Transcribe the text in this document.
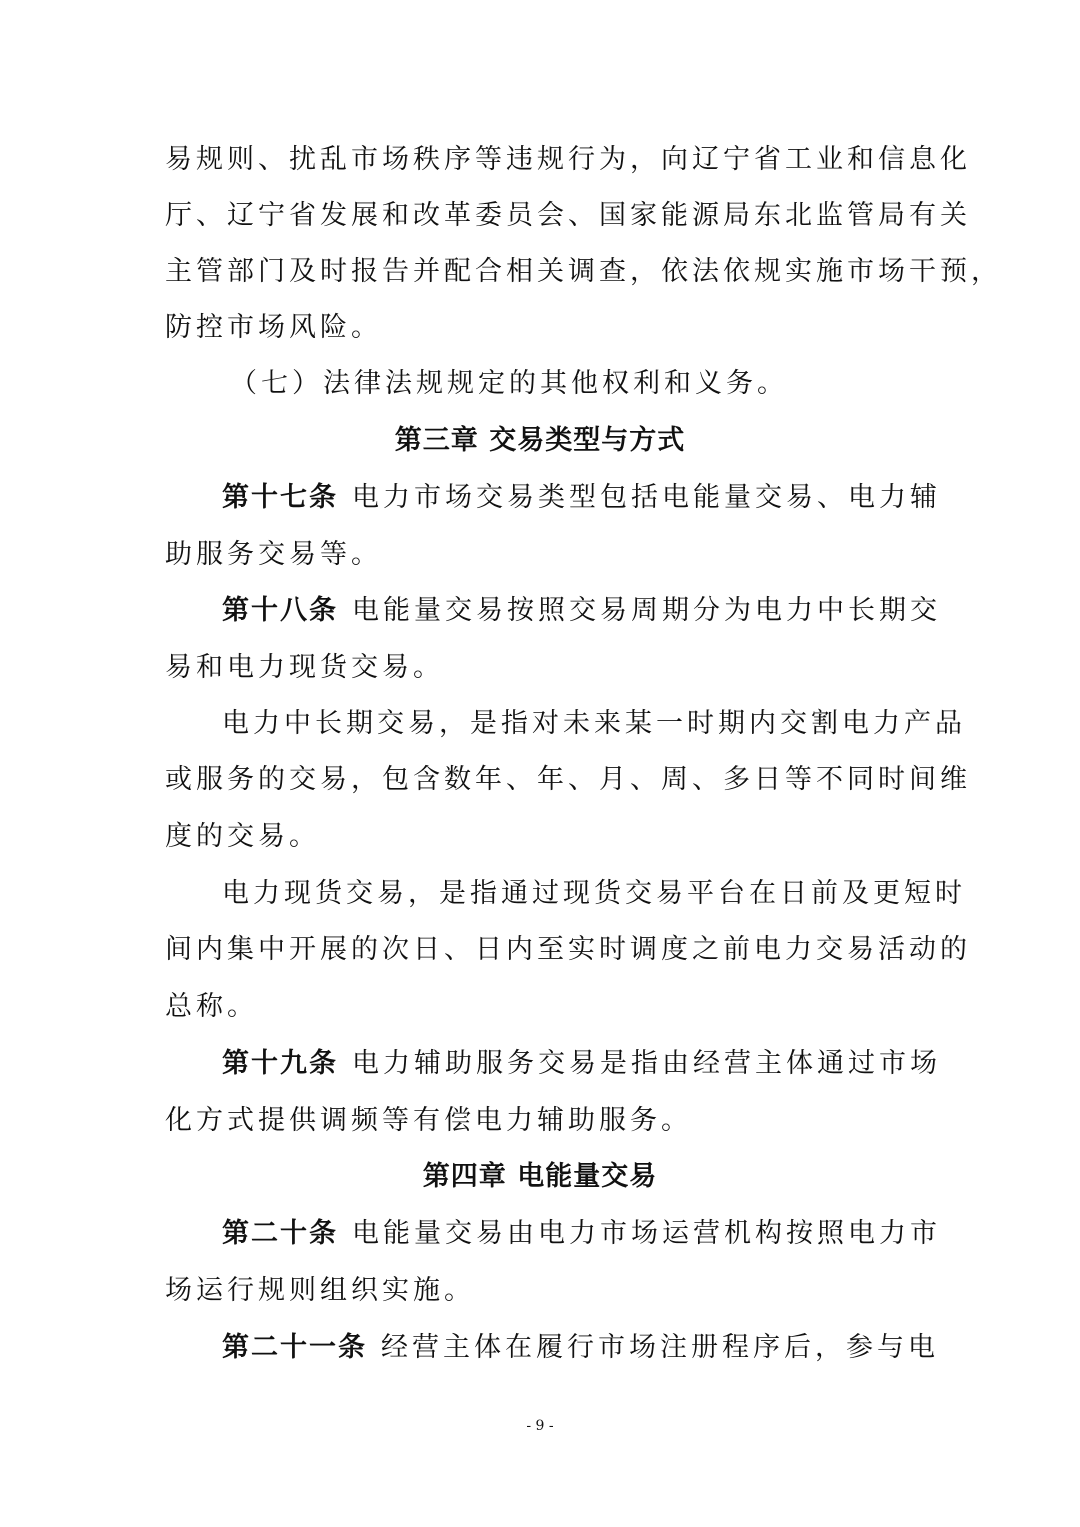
易规则、扰乱市场秩序等违规行为，向辽宁省工业和信息化
厅、辽宁省发展和改革委员会、国家能源局东北监管局有关
主管部门及时报告并配合相关调查，依法依规实施市场干预，
防控市场风险。
（七）法律法规规定的其他权利和义务。
第三章 交易类型与方式
第十七条 电力市场交易类型包括电能量交易、电力辅
助服务交易等。
第十八条 电能量交易按照交易周期分为电力中长期交
易和电力现货交易。
电力中长期交易，是指对未来某一时期内交割电力产品
或服务的交易，包含数年、年、月、周、多日等不同时间维
度的交易。
电力现货交易，是指通过现货交易平台在日前及更短时
间内集中开展的次日、日内至实时调度之前电力交易活动的
总称。
第十九条 电力辅助服务交易是指由经营主体通过市场
化方式提供调频等有偿电力辅助服务。
第四章 电能量交易
第二十条 电能量交易由电力市场运营机构按照电力市
场运行规则组织实施。
第二十一条 经营主体在履行市场注册程序后，参与电
- 9 -
